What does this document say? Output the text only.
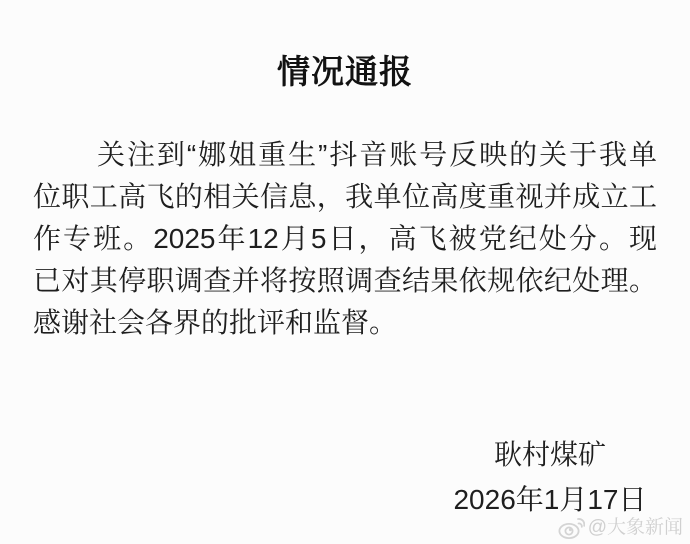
情况通报
关注到“娜姐重生”抖音账号反映的关于我单
位职工高飞的相关信息，我单位高度重视并成立工
作专班。2025年12月5日，高飞被党纪处分。现
已对其停职调查并将按照调查结果依规依纪处理。
感谢社会各界的批评和监督。
耿村煤矿
2026年1月17日
@大象新闻
